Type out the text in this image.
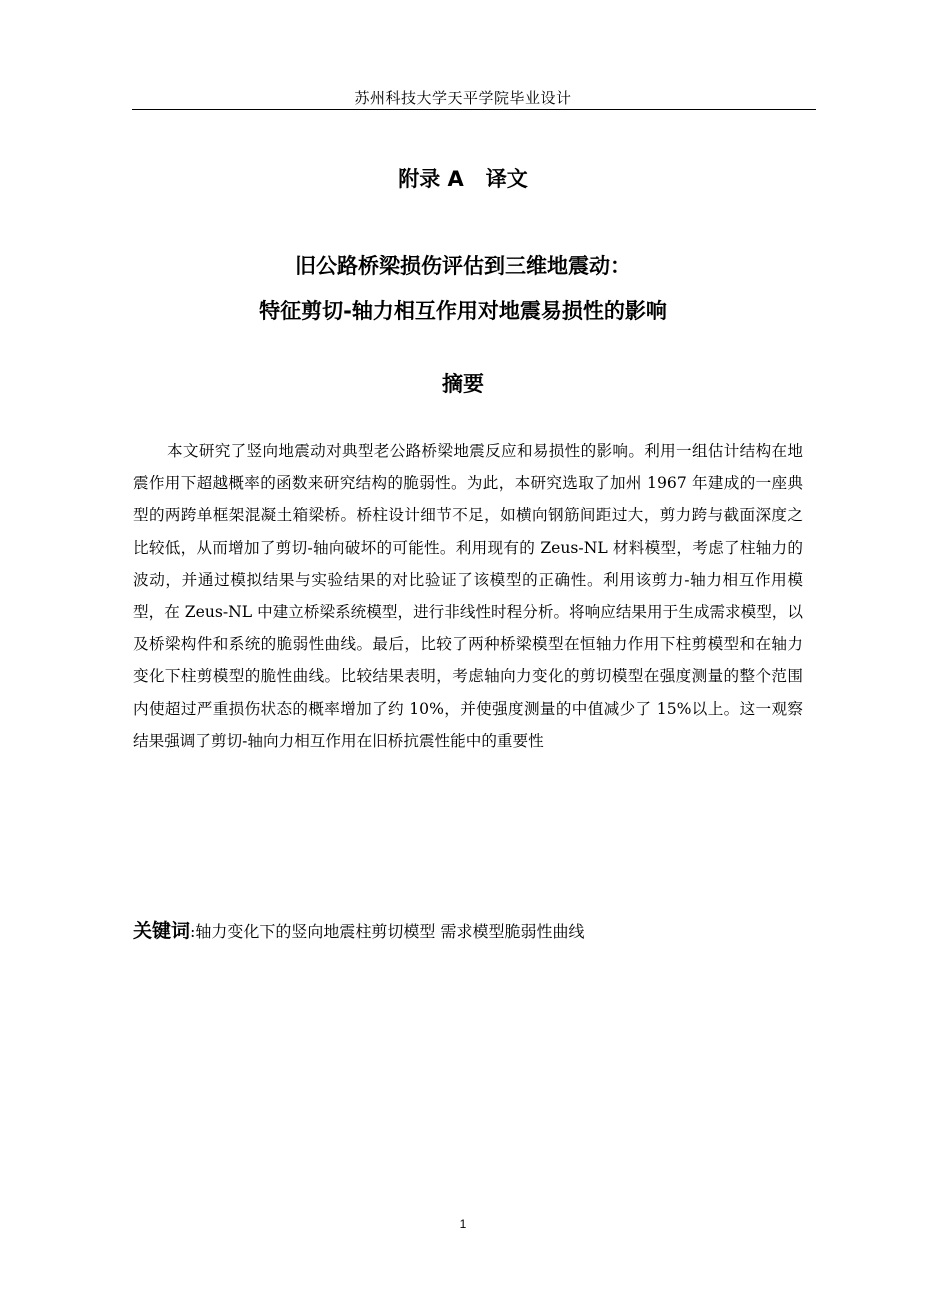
苏州科技大学天平学院毕业设计
附录 A 译文
旧公路桥梁损伤评估到三维地震动：
特征剪切-轴力相互作用对地震易损性的影响
摘要

本文研究了竖向地震动对典型老公路桥梁地震反应和易损性的影响。利用一组估计结构在地震作用下超越概率的函数来研究结构的脆弱性。为此，本研究选取了加州 1967 年建成的一座典型的两跨单框架混凝土箱梁桥。桥柱设计细节不足，如横向钢筋间距过大，剪力跨与截面深度之比较低，从而增加了剪切-轴向破坏的可能性。利用现有的 Zeus-NL 材料模型，考虑了柱轴力的波动，并通过模拟结果与实验结果的对比验证了该模型的正确性。利用该剪力-轴力相互作用模型，在 Zeus-NL 中建立桥梁系统模型，进行非线性时程分析。将响应结果用于生成需求模型，以及桥梁构件和系统的脆弱性曲线。最后，比较了两种桥梁模型在恒轴力作用下柱剪模型和在轴力变化下柱剪模型的脆性曲线。比较结果表明，考虑轴向力变化的剪切模型在强度测量的整个范围内使超过严重损伤状态的概率增加了约 10%，并使强度测量的中值减少了 15%以上。这一观察结果强调了剪切-轴向力相互作用在旧桥抗震性能中的重要性

关键词:轴力变化下的竖向地震柱剪切模型 需求模型脆弱性曲线
1
